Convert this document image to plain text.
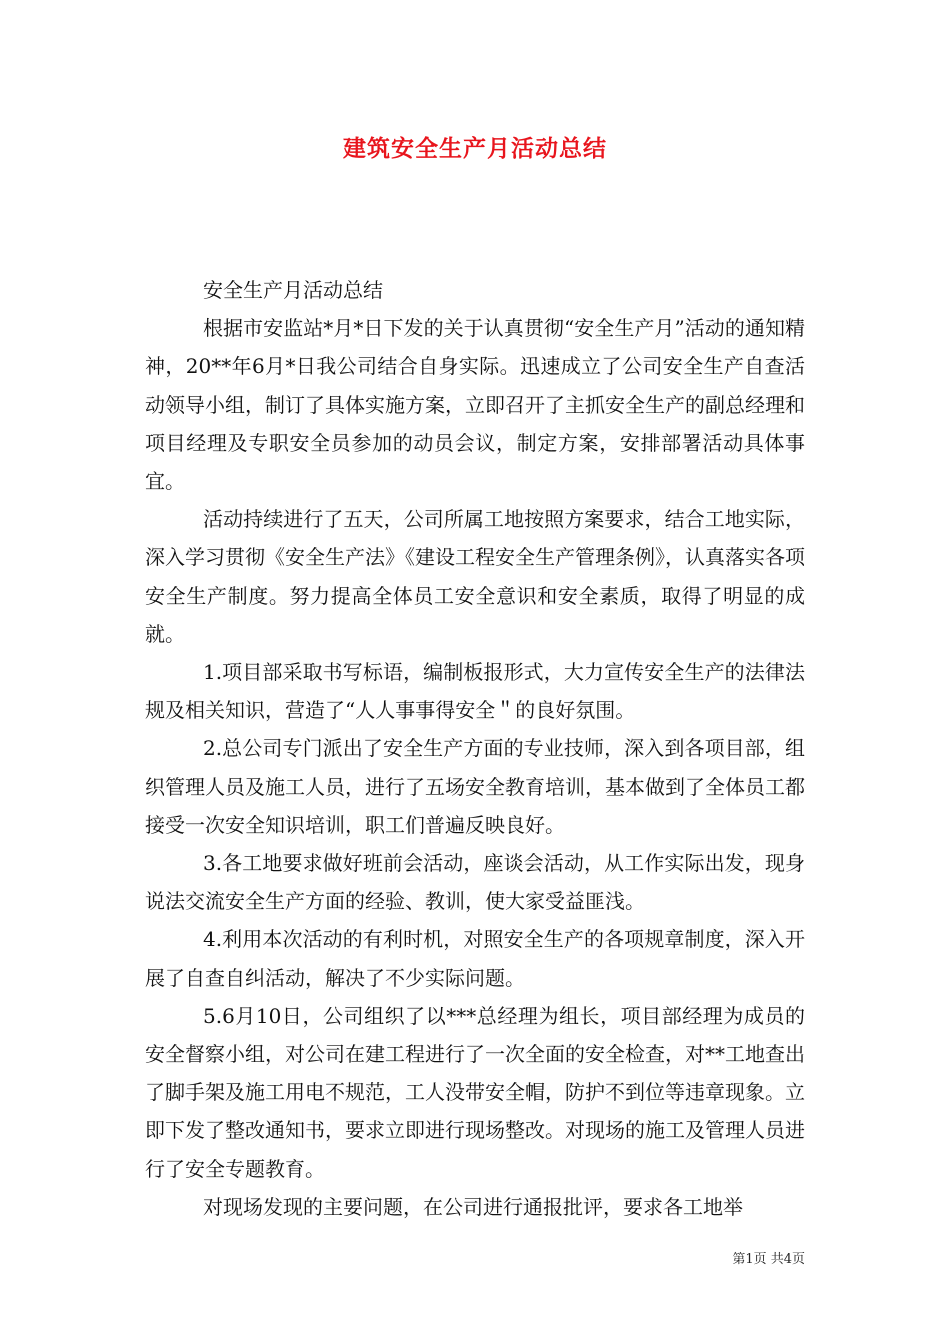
建筑安全生产月活动总结

安全生产月活动总结

根据市安监站*月*日下发的关于认真贯彻“安全生产月”活动的通知精神，20**年6月*日我公司结合自身实际。迅速成立了公司安全生产自查活动领导小组，制订了具体实施方案，立即召开了主抓安全生产的副总经理和项目经理及专职安全员参加的动员会议，制定方案，安排部署活动具体事宜。

活动持续进行了五天，公司所属工地按照方案要求，结合工地实际，深入学习贯彻《安全生产法》《建设工程安全生产管理条例》，认真落实各项安全生产制度。努力提高全体员工安全意识和安全素质，取得了明显的成就。

1.项目部采取书写标语，编制板报形式，大力宣传安全生产的法律法规及相关知识，营造了“人人事事得安全＂的良好氛围。

2.总公司专门派出了安全生产方面的专业技师，深入到各项目部，组织管理人员及施工人员，进行了五场安全教育培训，基本做到了全体员工都接受一次安全知识培训，职工们普遍反映良好。

3.各工地要求做好班前会活动，座谈会活动，从工作实际出发，现身说法交流安全生产方面的经验、教训，使大家受益匪浅。

4.利用本次活动的有利时机，对照安全生产的各项规章制度，深入开展了自查自纠活动，解决了不少实际问题。

5.6月10日，公司组织了以***总经理为组长，项目部经理为成员的安全督察小组，对公司在建工程进行了一次全面的安全检查，对**工地查出了脚手架及施工用电不规范，工人没带安全帽，防护不到位等违章现象。立即下发了整改通知书，要求立即进行现场整改。对现场的施工及管理人员进行了安全专题教育。

对现场发现的主要问题，在公司进行通报批评，要求各工地举

第1页 共4页
